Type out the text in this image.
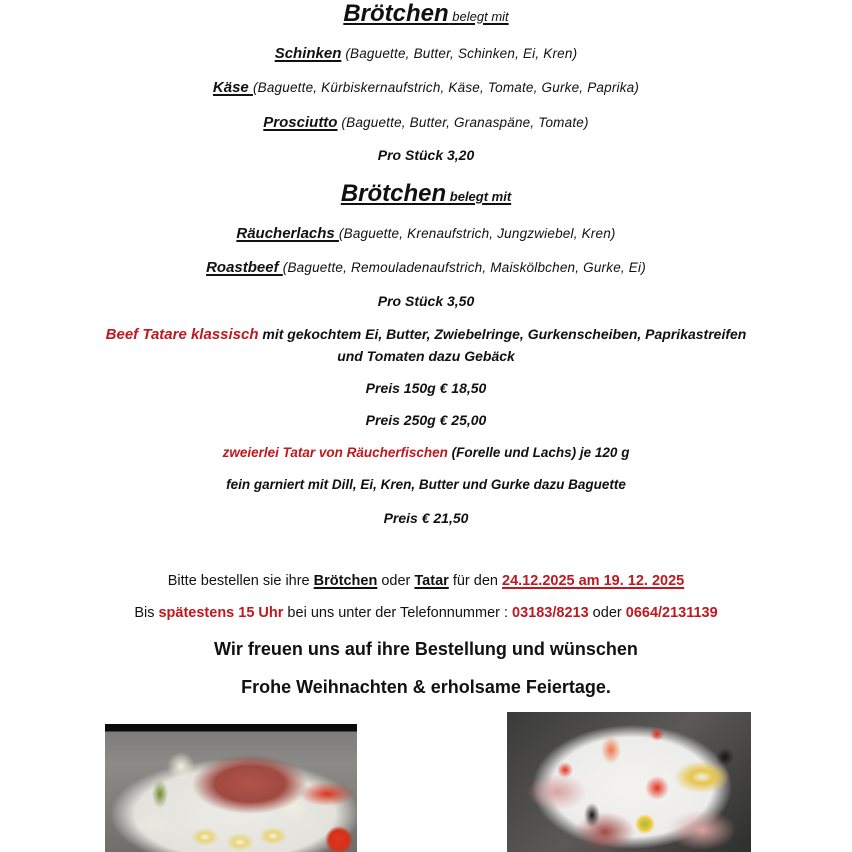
Brötchen belegt mit
Schinken (Baguette, Butter, Schinken, Ei, Kren)
Käse (Baguette, Kürbiskernaufstrich, Käse, Tomate, Gurke, Paprika)
Prosciutto (Baguette, Butter, Granaspäne, Tomate)
Pro Stück 3,20
Brötchen belegt mit
Räucherlachs (Baguette, Krenaufstrich, Jungzwiebel, Kren)
Roastbeef (Baguette, Remouladenaufstrich, Maiskölbchen, Gurke, Ei)
Pro Stück 3,50
Beef Tatare klassisch mit gekochtem Ei, Butter, Zwiebelringe, Gurkenscheiben, Paprikastreifen
und Tomaten dazu Gebäck
Preis 150g € 18,50
Preis 250g € 25,00
zweierlei Tatar von Räucherfischen (Forelle und Lachs) je 120 g
fein garniert mit Dill, Ei, Kren, Butter und Gurke dazu Baguette
Preis € 21,50
Bitte bestellen sie ihre Brötchen oder Tatar für den 24.12.2025 am 19. 12. 2025
Bis spätestens 15 Uhr bei uns unter der Telefonnummer : 03183/8213 oder 0664/2131139
Wir freuen uns auf ihre Bestellung und wünschen
Frohe Weihnachten & erholsame Feiertage.
